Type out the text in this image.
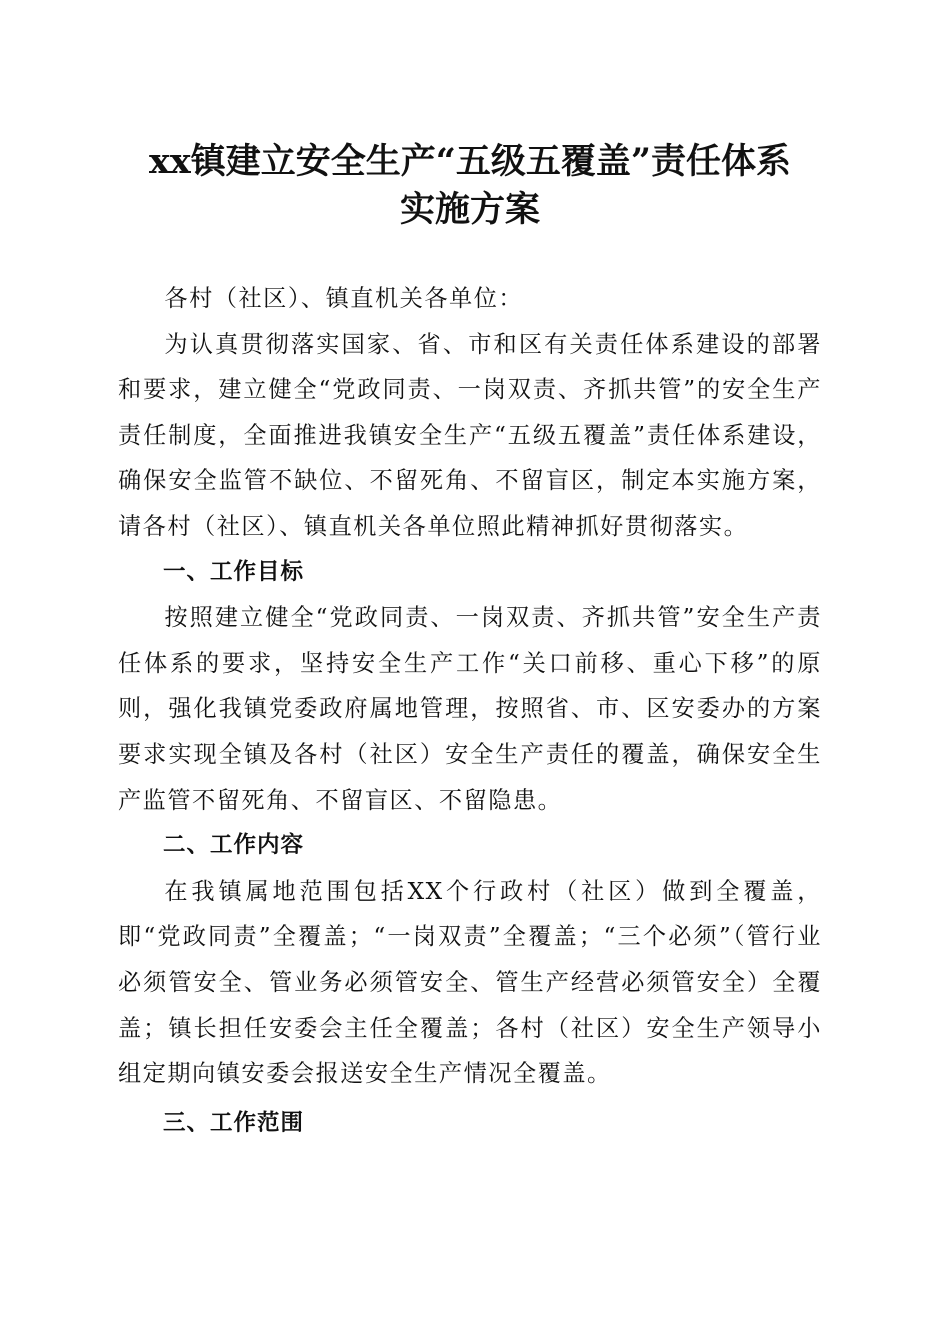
xx镇建立安全生产“五级五覆盖”责任体系
实施方案

各村（社区）、镇直机关各单位：

为认真贯彻落实国家、省、市和区有关责任体系建设的部署和要求，建立健全“党政同责、一岗双责、齐抓共管”的安全生产责任制度，全面推进我镇安全生产“五级五覆盖”责任体系建设，确保安全监管不缺位、不留死角、不留盲区，制定本实施方案，请各村（社区）、镇直机关各单位照此精神抓好贯彻落实。

一、工作目标

按照建立健全“党政同责、一岗双责、齐抓共管”安全生产责任体系的要求，坚持安全生产工作“关口前移、重心下移”的原则，强化我镇党委政府属地管理，按照省、市、区安委办的方案要求实现全镇及各村（社区）安全生产责任的覆盖，确保安全生产监管不留死角、不留盲区、不留隐患。

二、工作内容

在我镇属地范围包括XX个行政村（社区）做到全覆盖，即“党政同责”全覆盖；“一岗双责”全覆盖；“三个必须”（管行业必须管安全、管业务必须管安全、管生产经营必须管安全）全覆盖；镇长担任安委会主任全覆盖；各村（社区）安全生产领导小组定期向镇安委会报送安全生产情况全覆盖。

三、工作范围
